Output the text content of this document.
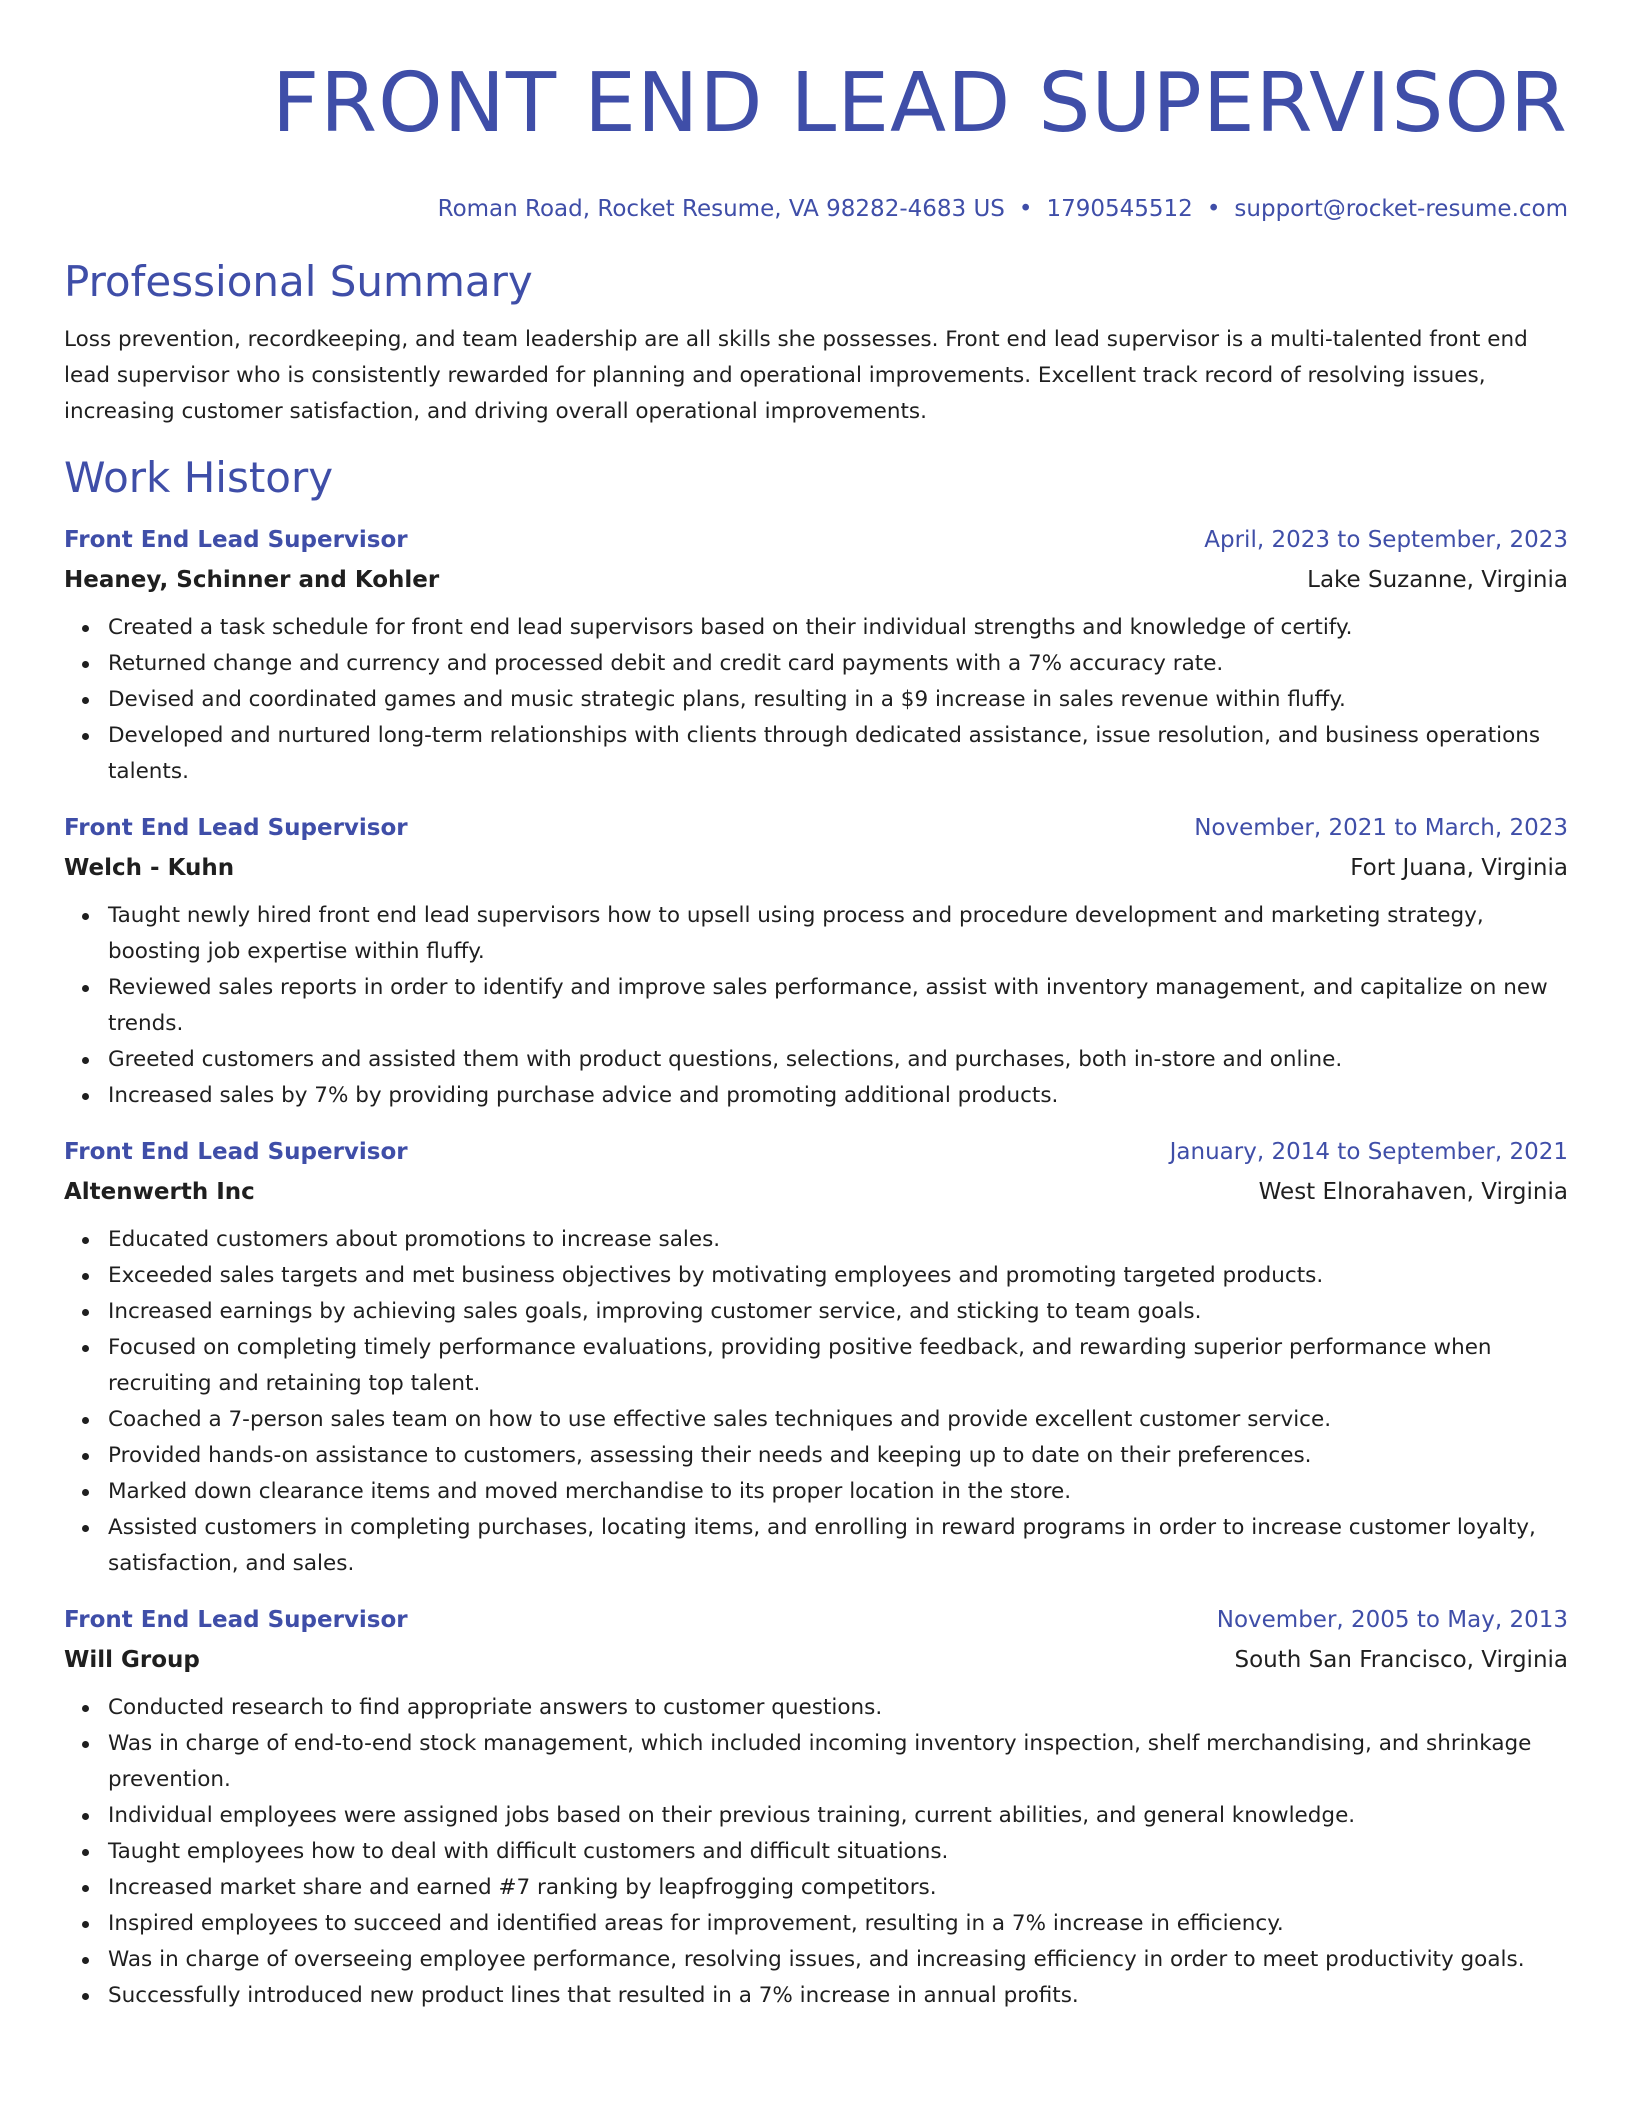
FRONT END LEAD SUPERVISOR
Roman Road, Rocket Resume, VA 98282-4683 US • 1790545512 • support@rocket-resume.com
Professional Summary

Loss prevention, recordkeeping, and team leadership are all skills she possesses. Front end lead supervisor is a multi-talented front end lead supervisor who is consistently rewarded for planning and operational improvements. Excellent track record of resolving issues, increasing customer satisfaction, and driving overall operational improvements.

Work History
Front End Lead Supervisor	April, 2023 to September, 2023
Heaney, Schinner and Kohler	Lake Suzanne, Virginia
Created a task schedule for front end lead supervisors based on their individual strengths and knowledge of certify.
Returned change and currency and processed debit and credit card payments with a 7% accuracy rate.
Devised and coordinated games and music strategic plans, resulting in a $9 increase in sales revenue within fluffy.
Developed and nurtured long-term relationships with clients through dedicated assistance, issue resolution, and business operations talents.
Front End Lead Supervisor	November, 2021 to March, 2023
Welch - Kuhn	Fort Juana, Virginia
Taught newly hired front end lead supervisors how to upsell using process and procedure development and marketing strategy, boosting job expertise within fluffy.
Reviewed sales reports in order to identify and improve sales performance, assist with inventory management, and capitalize on new trends.
Greeted customers and assisted them with product questions, selections, and purchases, both in-store and online.
Increased sales by 7% by providing purchase advice and promoting additional products.
Front End Lead Supervisor	January, 2014 to September, 2021
Altenwerth Inc	West Elnorahaven, Virginia
Educated customers about promotions to increase sales.
Exceeded sales targets and met business objectives by motivating employees and promoting targeted products.
Increased earnings by achieving sales goals, improving customer service, and sticking to team goals.
Focused on completing timely performance evaluations, providing positive feedback, and rewarding superior performance when recruiting and retaining top talent.
Coached a 7-person sales team on how to use effective sales techniques and provide excellent customer service.
Provided hands-on assistance to customers, assessing their needs and keeping up to date on their preferences.
Marked down clearance items and moved merchandise to its proper location in the store.
Assisted customers in completing purchases, locating items, and enrolling in reward programs in order to increase customer loyalty, satisfaction, and sales.
Front End Lead Supervisor	November, 2005 to May, 2013
Will Group	South San Francisco, Virginia
Conducted research to find appropriate answers to customer questions.
Was in charge of end-to-end stock management, which included incoming inventory inspection, shelf merchandising, and shrinkage prevention.
Individual employees were assigned jobs based on their previous training, current abilities, and general knowledge.
Taught employees how to deal with difficult customers and difficult situations.
Increased market share and earned #7 ranking by leapfrogging competitors.
Inspired employees to succeed and identified areas for improvement, resulting in a 7% increase in efficiency.
Was in charge of overseeing employee performance, resolving issues, and increasing efficiency in order to meet productivity goals.
Successfully introduced new product lines that resulted in a 7% increase in annual profits.
